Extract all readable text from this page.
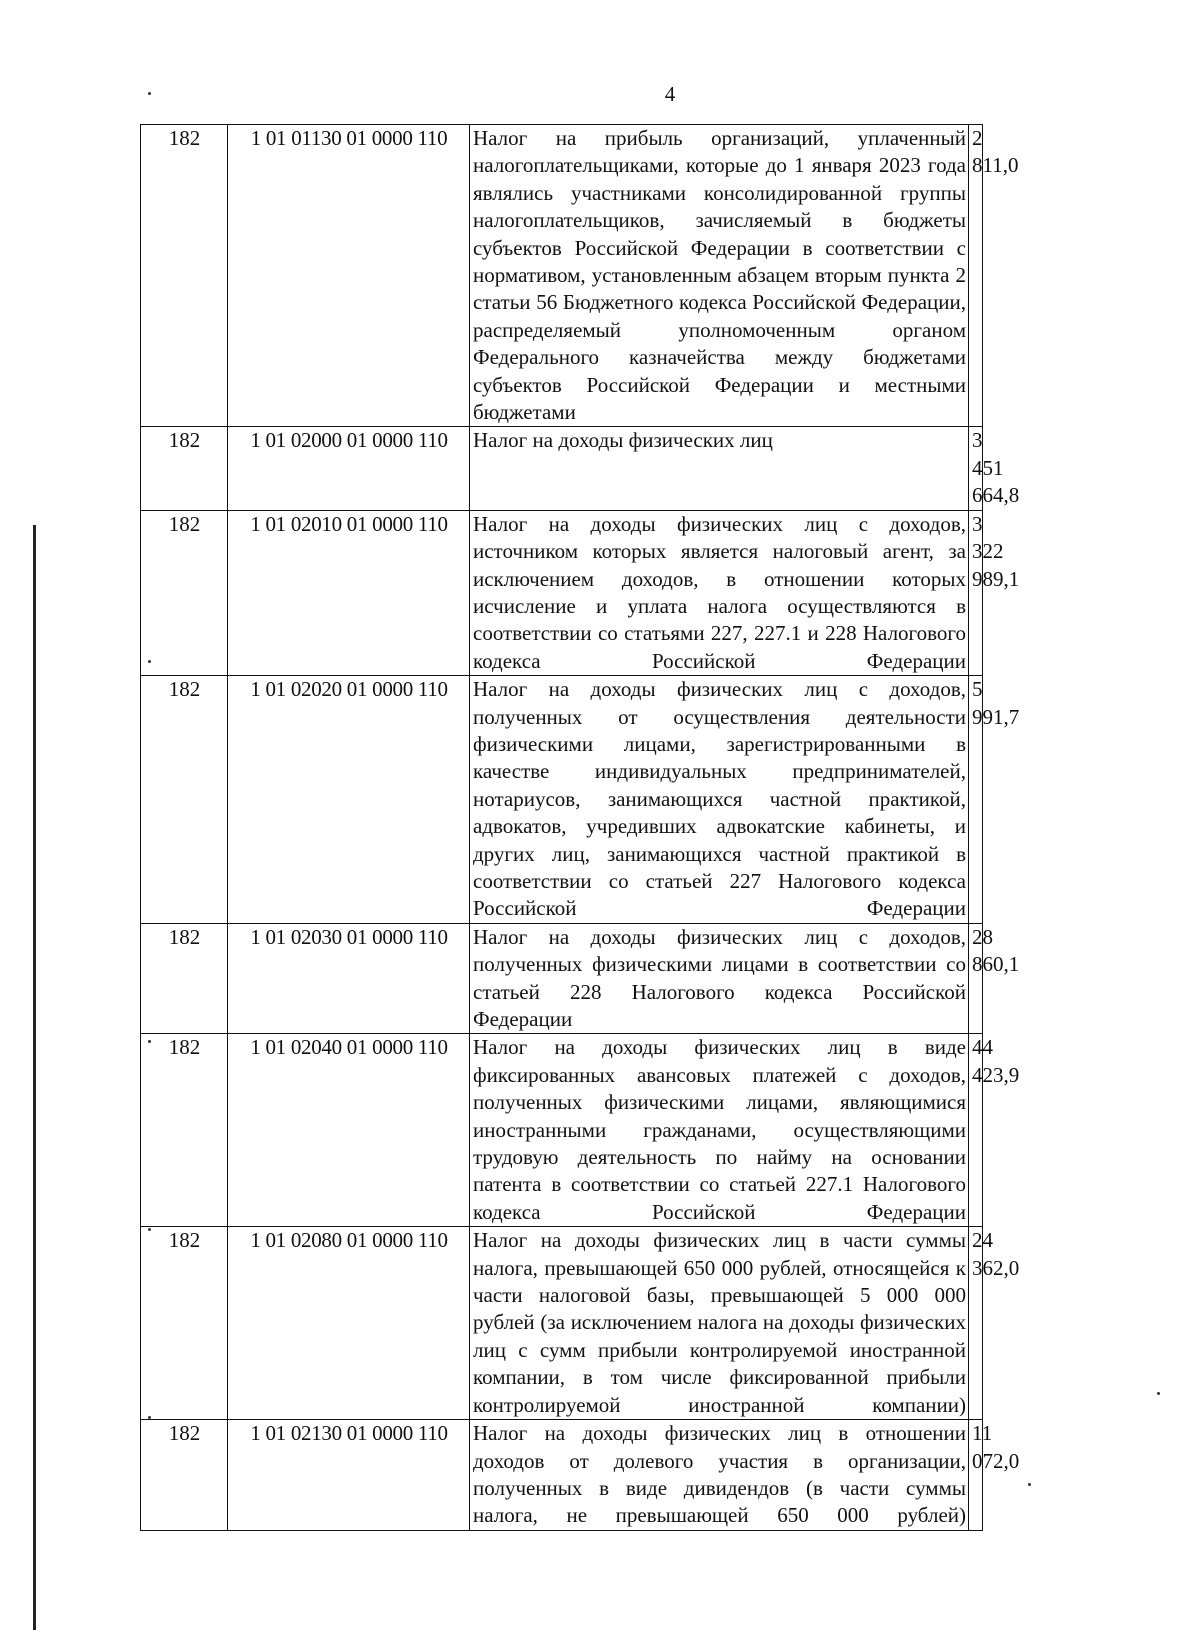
4
182	1 01 01130 01 0000 110	Налог на прибыль организаций, уплаченный налогоплательщиками, которые до 1 января 2023 года являлись участниками консолидированной группы налогоплательщиков, зачисляемый в бюджеты субъектов Российской Федерации в соответствии с нормативом, установленным абзацем вторым пункта 2 статьи 56 Бюджетного кодекса Российской Федерации, распределяемый уполномоченным органом Федерального казначейства между бюджетами субъектов Российской Федерации и местными бюджетами	2 811,0
182	1 01 02000 01 0000 110	Налог на доходы физических лиц	3 451 664,8
182	1 01 02010 01 0000 110	Налог на доходы физических лиц с доходов, источником которых является налоговый агент, за исключением доходов, в отношении которых исчисление и уплата налога осуществляются в соответствии со статьями 227, 227.1 и 228 Налогового кодекса Российской Федерации	3 322 989,1
182	1 01 02020 01 0000 110	Налог на доходы физических лиц с доходов, полученных от осуществления деятельности физическими лицами, зарегистрированными в качестве индивидуальных предпринимателей, нотариусов, занимающихся частной практикой, адвокатов, учредивших адвокатские кабинеты, и других лиц, занимающихся частной практикой в соответствии со статьей 227 Налогового кодекса Российской Федерации	5 991,7
182	1 01 02030 01 0000 110	Налог на доходы физических лиц с доходов, полученных физическими лицами в соответствии со статьей 228 Налогового кодекса Российской Федерации	28 860,1
182	1 01 02040 01 0000 110	Налог на доходы физических лиц в виде фиксированных авансовых платежей с доходов, полученных физическими лицами, являющимися иностранными гражданами, осуществляющими трудовую деятельность по найму на основании патента в соответствии со статьей 227.1 Налогового кодекса Российской Федерации	44 423,9
182	1 01 02080 01 0000 110	Налог на доходы физических лиц в части суммы налога, превышающей 650 000 рублей, относящейся к части налоговой базы, превышающей 5 000 000 рублей (за исключением налога на доходы физических лиц с сумм прибыли контролируемой иностранной компании, в том числе фиксированной прибыли контролируемой иностранной компании)	24 362,0
182	1 01 02130 01 0000 110	Налог на доходы физических лиц в отношении доходов от долевого участия в организации, полученных в виде дивидендов (в части суммы налога, не превышающей 650 000 рублей)	11 072,0
